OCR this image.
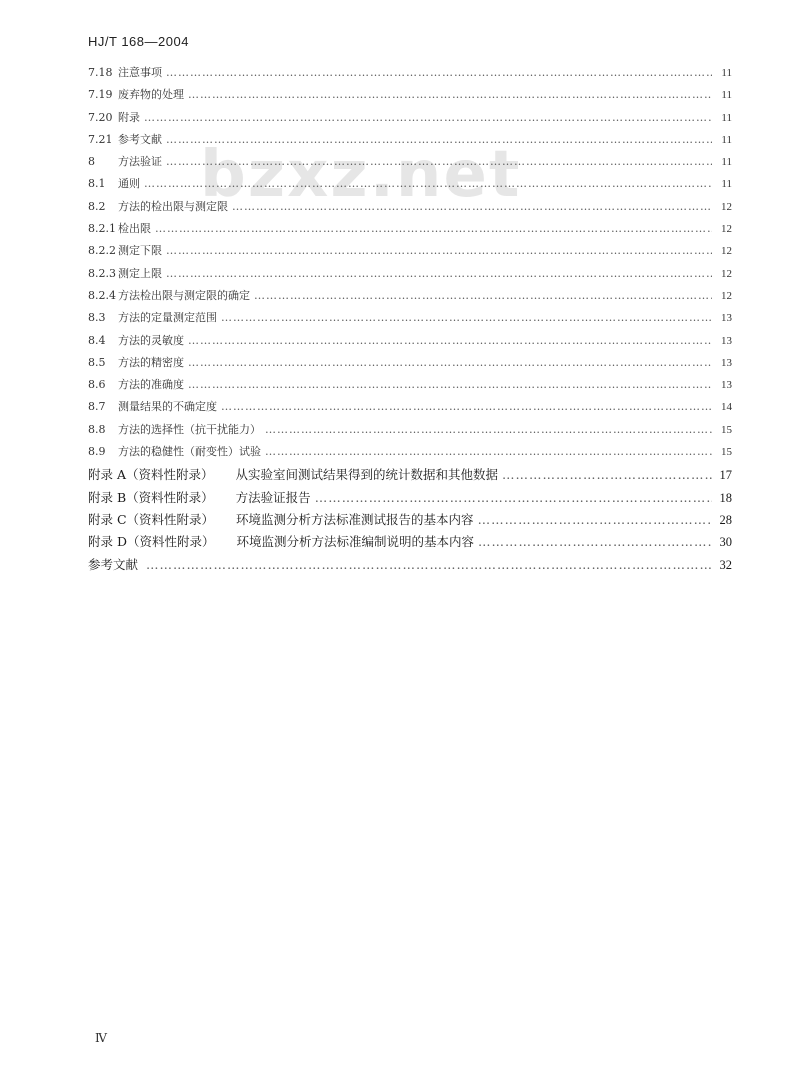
HJ/T 168—2004
bzxz.net
7.18 注意事项 ……………………………………………………………………………………………………………………………………………………………………………………………………	11
7.19 废弃物的处理 ……………………………………………………………………………………………………………………………………………………………………………………………………	11
7.20 附录 ……………………………………………………………………………………………………………………………………………………………………………………………………	11
7.21 参考文献 ……………………………………………………………………………………………………………………………………………………………………………………………………	11
8	方法验证 ……………………………………………………………………………………………………………………………………………………………………………………………………	11
8.1	通则 ……………………………………………………………………………………………………………………………………………………………………………………………………	11
8.2	方法的检出限与测定限 ……………………………………………………………………………………………………………………………………………………………………………………………………	12
8.2.1 检出限 ……………………………………………………………………………………………………………………………………………………………………………………………………	12
8.2.2 测定下限 ……………………………………………………………………………………………………………………………………………………………………………………………………	12
8.2.3 测定上限 ……………………………………………………………………………………………………………………………………………………………………………………………………	12
8.2.4 方法检出限与测定限的确定 ……………………………………………………………………………………………………………………………………………………………………………………………………	12
8.3	方法的定量测定范围 ……………………………………………………………………………………………………………………………………………………………………………………………………	13
8.4	方法的灵敏度 ……………………………………………………………………………………………………………………………………………………………………………………………………	13
8.5	方法的精密度 ……………………………………………………………………………………………………………………………………………………………………………………………………	13
8.6	方法的准确度 ……………………………………………………………………………………………………………………………………………………………………………………………………	13
8.7	测量结果的不确定度 ……………………………………………………………………………………………………………………………………………………………………………………………………	14
8.8	方法的选择性（抗干扰能力） ……………………………………………………………………………………………………………………………………………………………………………………………………	15
8.9	方法的稳健性（耐变性）试验 ……………………………………………………………………………………………………………………………………………………………………………………………………	15
附录 A（资料性附录） 从实验室间测试结果得到的统计数据和其他数据 ……………………………………………………………………………………………………………………………………………………………………………………………………	17
附录 B（资料性附录） 方法验证报告 ……………………………………………………………………………………………………………………………………………………………………………………………………	18
附录 C（资料性附录） 环境监测分析方法标准测试报告的基本内容 ……………………………………………………………………………………………………………………………………………………………………………………………………	28
附录 D（资料性附录） 环境监测分析方法标准编制说明的基本内容 ……………………………………………………………………………………………………………………………………………………………………………………………………	30
参考文献 ……………………………………………………………………………………………………………………………………………………………………………………………………	32
Ⅳ
